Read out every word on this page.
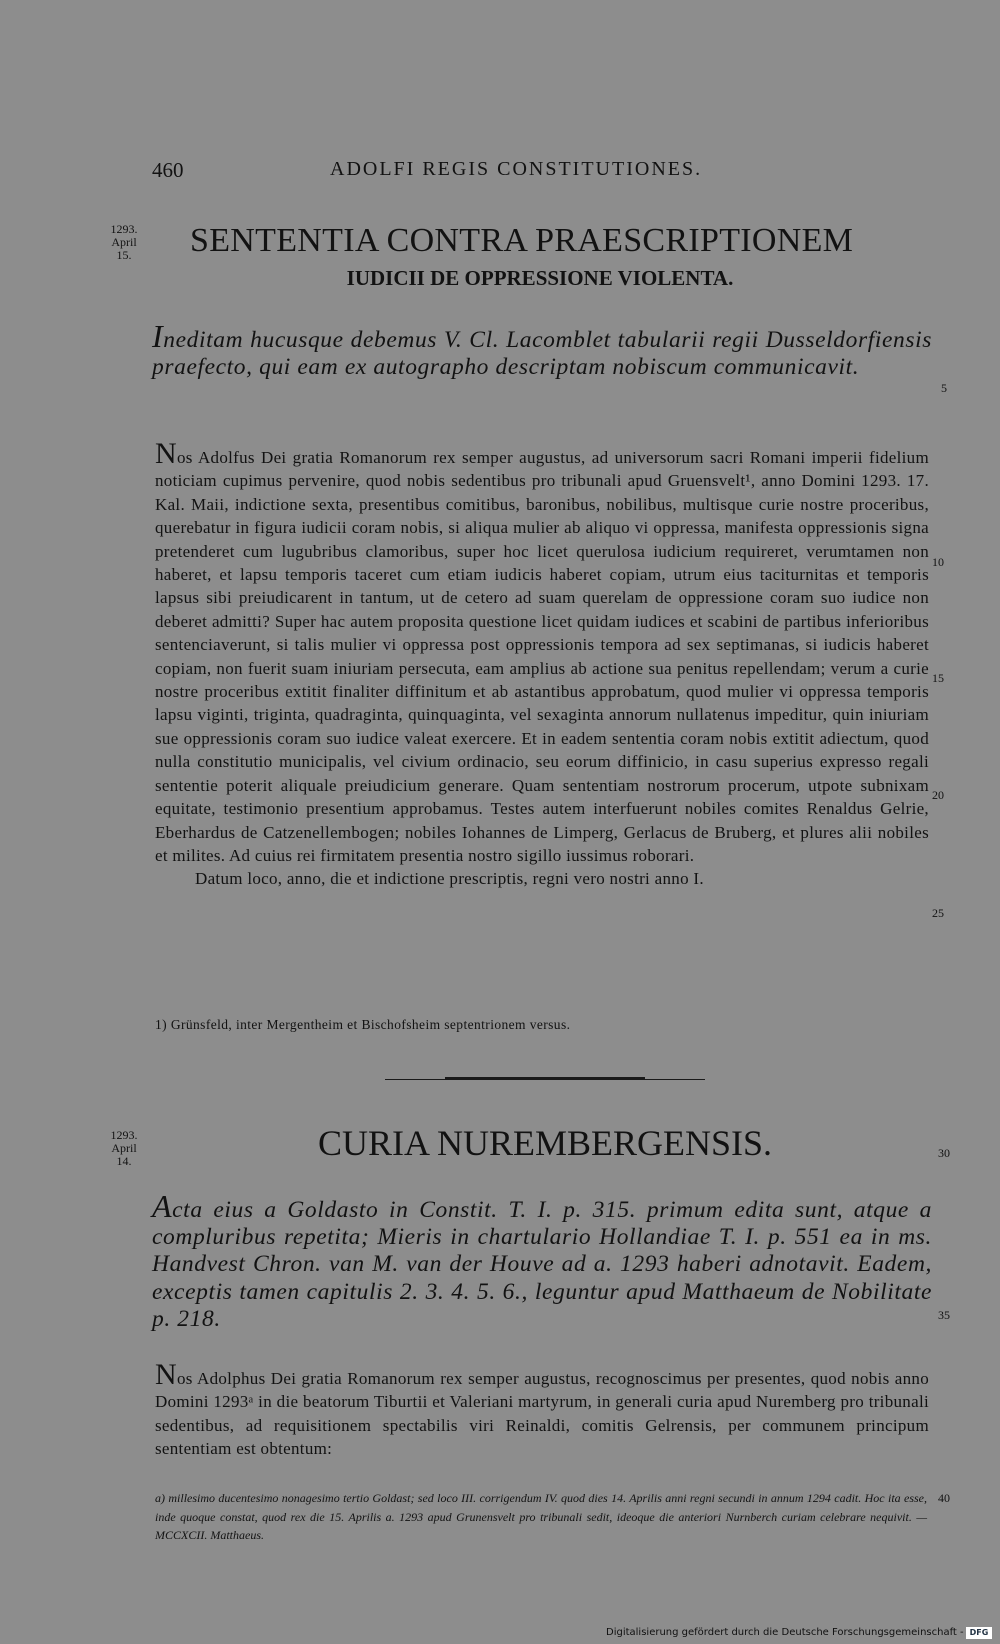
460	ADOLFI REGIS CONSTITUTIONES.
1293.
April
15.	SENTENTIA CONTRA PRAESCRIPTIONEM
IUDICII DE OPPRESSIONE VIOLENTA.
Ineditam hucusque debemus V. Cl. Lacomblet tabularii regii Dusseldorfiensis praefecto, qui eam ex autographo descriptam nobiscum communicavit.
5
Nos Adolfus Dei gratia Romanorum rex semper augustus, ad universorum sacri Romani imperii fidelium noticiam cupimus pervenire, quod nobis sedentibus pro tribunali apud Gruensvelt¹, anno Domini 1293. 17. Kal. Maii, indictione sexta, presentibus comitibus, baronibus, nobilibus, multisque curie nostre proceribus, querebatur in figura iudicii coram nobis, si aliqua mulier ab aliquo vi oppressa, manifesta oppressionis signa pretenderet cum lugubribus clamoribus, super hoc licet querulosa iudicium requireret, verumtamen non haberet, et lapsu temporis taceret cum etiam iudicis haberet copiam, utrum eius taciturnitas et temporis lapsus sibi preiudicarent in tantum, ut de cetero ad suam querelam de oppressione coram suo iudice non deberet admitti? Super hac autem proposita questione licet quidam iudices et scabini de partibus inferioribus sentenciaverunt, si talis mulier vi oppressa post oppressionis tempora ad sex septimanas, si iudicis haberet copiam, non fuerit suam iniuriam persecuta, eam amplius ab actione sua penitus repellendam; verum a curie nostre proceribus extitit finaliter diffinitum et ab astantibus approbatum, quod mulier vi oppressa temporis lapsu viginti, triginta, quadraginta, quinquaginta, vel sexaginta annorum nullatenus impeditur, quin iniuriam sue oppressionis coram suo iudice valeat exercere. Et in eadem sententia coram nobis extitit adiectum, quod nulla constitutio municipalis, vel civium ordinacio, seu eorum diffinicio, in casu superius expresso regali sententie poterit aliquale preiudicium generare. Quam sententiam nostrorum procerum, utpote subnixam equitate, testimonio presentium approbamus. Testes autem interfuerunt nobiles comites Renaldus Gelrie, Eberhardus de Catzenellembogen; nobiles Iohannes de Limperg, Gerlacus de Bruberg, et plures alii nobiles et milites. Ad cuius rei firmitatem presentia nostro sigillo iussimus roborari.
Datum loco, anno, die et indictione prescriptis, regni vero nostri anno I.
10
15
20
25
1) Grünsfeld, inter Mergentheim et Bischofsheim septentrionem versus.
1293.
April
14.	CURIA NUREMBERGENSIS.	30
Acta eius a Goldasto in Constit. T. I. p. 315. primum edita sunt, atque a compluribus repetita; Mieris in chartulario Hollandiae T. I. p. 551 ea in ms. Handvest Chron. van M. van der Houve ad a. 1293 haberi adnotavit. Eadem, exceptis tamen capitulis 2. 3. 4. 5. 6., leguntur apud Matthaeum de Nobilitate p. 218.	35
Nos Adolphus Dei gratia Romanorum rex semper augustus, recognoscimus per presentes, quod nobis anno Domini 1293ᵃ in die beatorum Tiburtii et Valeriani martyrum, in generali curia apud Nuremberg pro tribunali sedentibus, ad requisitionem spectabilis viri Reinaldi, comitis Gelrensis, per communem principum sententiam est obtentum:
a) millesimo ducentesimo nonagesimo tertio Goldast; sed loco III. corrigendum IV. quod dies 14. Aprilis anni regni secundi in annum 1294 cadit. Hoc ita esse, inde quoque constat, quod rex die 15. Aprilis a. 1293 apud Grunensvelt pro tribunali sedit, ideoque die anteriori Nurnberch curiam celebrare nequivit. — MCCXCII. Matthaeus.
40
Digitalisierung gefördert durch die Deutsche Forschungsgemeinschaft - DFG
